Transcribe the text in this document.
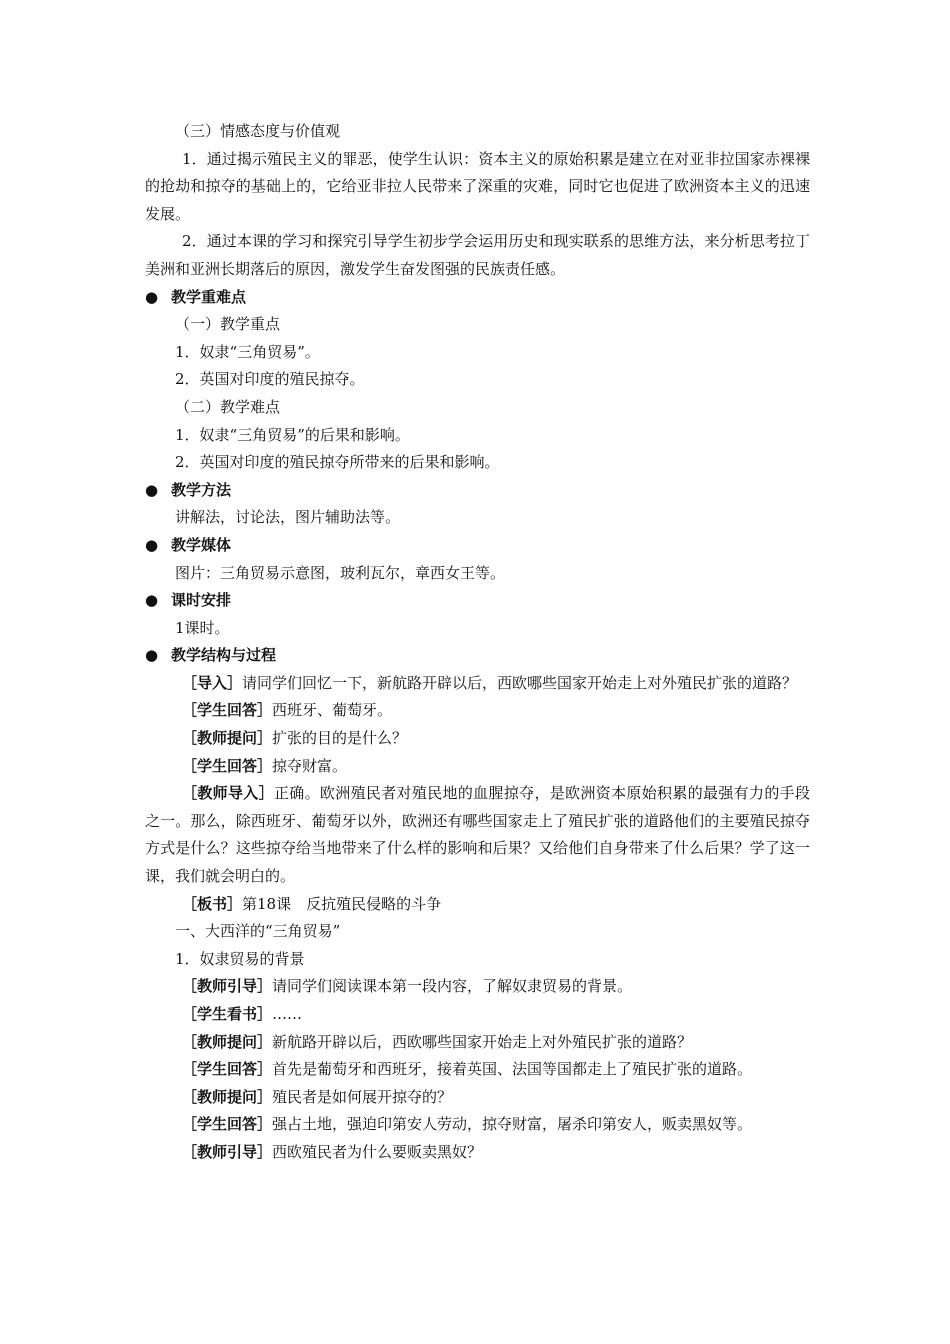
（三）情感态度与价值观
1．通过揭示殖民主义的罪恶，使学生认识：资本主义的原始积累是建立在对亚非拉国家赤裸裸的抢劫和掠夺的基础上的，它给亚非拉人民带来了深重的灾难，同时它也促进了欧洲资本主义的迅速发展。
2．通过本课的学习和探究引导学生初步学会运用历史和现实联系的思维方法，来分析思考拉丁美洲和亚洲长期落后的原因，激发学生奋发图强的民族责任感。
● 教学重难点
（一）教学重点
1．奴隶“三角贸易”。
2．英国对印度的殖民掠夺。
（二）教学难点
1．奴隶“三角贸易”的后果和影响。
2．英国对印度的殖民掠夺所带来的后果和影响。
● 教学方法
讲解法，讨论法，图片辅助法等。
● 教学媒体
图片：三角贸易示意图，玻利瓦尔，章西女王等。
● 课时安排
1课时。
● 教学结构与过程
［导入］请同学们回忆一下，新航路开辟以后，西欧哪些国家开始走上对外殖民扩张的道路？
［学生回答］西班牙、葡萄牙。
［教师提问］扩张的目的是什么？
［学生回答］掠夺财富。
［教师导入］正确。欧洲殖民者对殖民地的血腥掠夺，是欧洲资本原始积累的最强有力的手段之一。那么，除西班牙、葡萄牙以外，欧洲还有哪些国家走上了殖民扩张的道路他们的主要殖民掠夺方式是什么？这些掠夺给当地带来了什么样的影响和后果？又给他们自身带来了什么后果？学了这一课，我们就会明白的。
［板书］第18课　反抗殖民侵略的斗争
一、大西洋的“三角贸易”
1．奴隶贸易的背景
［教师引导］请同学们阅读课本第一段内容，了解奴隶贸易的背景。
［学生看书］……
［教师提问］新航路开辟以后，西欧哪些国家开始走上对外殖民扩张的道路？
［学生回答］首先是葡萄牙和西班牙，接着英国、法国等国都走上了殖民扩张的道路。
［教师提问］殖民者是如何展开掠夺的？
［学生回答］强占土地，强迫印第安人劳动，掠夺财富，屠杀印第安人，贩卖黑奴等。
［教师引导］西欧殖民者为什么要贩卖黑奴？
